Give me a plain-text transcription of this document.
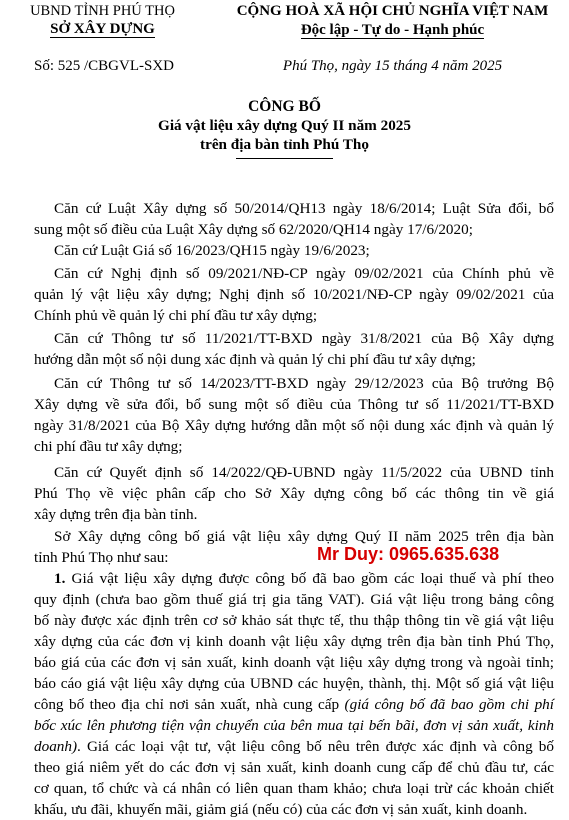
UBND TỈNH PHÚ THỌ
SỞ XÂY DỰNG
Số: 525 /CBGVL-SXD
CỘNG HOÀ XÃ HỘI CHỦ NGHĨA VIỆT NAM
Độc lập - Tự do - Hạnh phúc
Phú Thọ, ngày 15 tháng 4 năm 2025
CÔNG BỐ
Giá vật liệu xây dựng Quý II năm 2025
trên địa bàn tỉnh Phú Thọ
Căn cứ Luật Xây dựng số 50/2014/QH13 ngày 18/6/2014; Luật Sửa đổi, bổ
sung một số điều của Luật Xây dựng số 62/2020/QH14 ngày 17/6/2020;
Căn cứ Luật Giá số 16/2023/QH15 ngày 19/6/2023;
Căn cứ Nghị định số 09/2021/NĐ-CP ngày 09/02/2021 của Chính phủ về
quản lý vật liệu xây dựng; Nghị định số 10/2021/NĐ-CP ngày 09/02/2021 của
Chính phủ về quản lý chi phí đầu tư xây dựng;
Căn cứ Thông tư số 11/2021/TT-BXD ngày 31/8/2021 của Bộ Xây dựng
hướng dẫn một số nội dung xác định và quản lý chi phí đầu tư xây dựng;
Căn cứ Thông tư số 14/2023/TT-BXD ngày 29/12/2023 của Bộ trưởng Bộ
Xây dựng về sửa đổi, bổ sung một số điều của Thông tư số 11/2021/TT-BXD
ngày 31/8/2021 của Bộ Xây dựng hướng dẫn một số nội dung xác định và quản lý
chi phí đầu tư xây dựng;
Căn cứ Quyết định số 14/2022/QĐ-UBND ngày 11/5/2022 của UBND tỉnh
Phú Thọ về việc phân cấp cho Sở Xây dựng công bố các thông tin về giá
xây dựng trên địa bàn tỉnh.
Sở Xây dựng công bố giá vật liệu xây dựng Quý II năm 2025 trên địa bàn
tỉnh Phú Thọ như sau:	Mr Duy: 0965.635.638
1. Giá vật liệu xây dựng được công bố đã bao gồm các loại thuế và phí theo
quy định (chưa bao gồm thuế giá trị gia tăng VAT). Giá vật liệu trong bảng công
bố này được xác định trên cơ sở khảo sát thực tế, thu thập thông tin về giá vật liệu
xây dựng của các đơn vị kinh doanh vật liệu xây dựng trên địa bàn tỉnh Phú Thọ,
báo giá của các đơn vị sản xuất, kinh doanh vật liệu xây dựng trong và ngoài tỉnh;
báo cáo giá vật liệu xây dựng của UBND các huyện, thành, thị. Một số giá vật liệu
công bố theo địa chỉ nơi sản xuất, nhà cung cấp (giá công bố đã bao gồm chi phí
bốc xúc lên phương tiện vận chuyển của bên mua tại bến bãi, đơn vị sản xuất, kinh
doanh). Giá các loại vật tư, vật liệu công bố nêu trên được xác định và công bố
theo giá niêm yết do các đơn vị sản xuất, kinh doanh cung cấp để chủ đầu tư, các
cơ quan, tổ chức và cá nhân có liên quan tham khảo; chưa loại trừ các khoản chiết
khấu, ưu đãi, khuyến mãi, giảm giá (nếu có) của các đơn vị sản xuất, kinh doanh.
